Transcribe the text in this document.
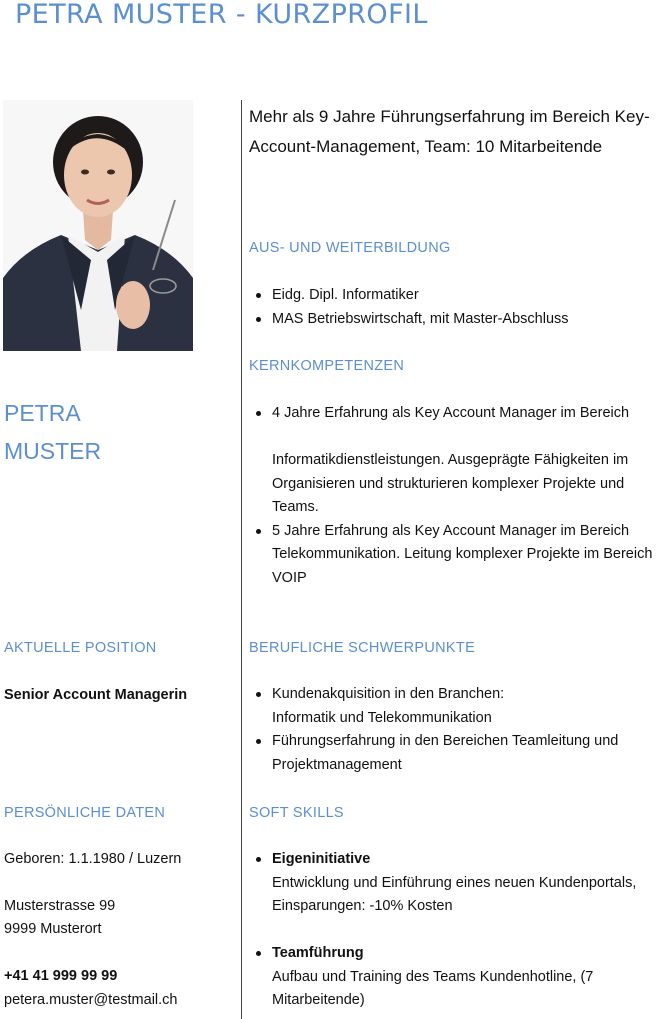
PETRA MUSTER - KURZPROFIL
PETRA
MUSTER
Mehr als 9 Jahre Führungserfahrung im Bereich Key-Account-Management, Team: 10 Mitarbeitende
AUS- UND WEITERBILDUNG
Eidg. Dipl. Informatiker
MAS Betriebswirtschaft, mit Master-Abschluss
KERNKOMPETENZEN
4 Jahre Erfahrung als Key Account Manager im Bereich
Informatikdienstleistungen. Ausgeprägte Fähigkeiten im Organisieren und strukturieren komplexer Projekte und Teams.
5 Jahre Erfahrung als Key Account Manager im Bereich Telekommunikation. Leitung komplexer Projekte im Bereich VOIP
AKTUELLE POSITION
Senior Account Managerin
BERUFLICHE SCHWERPUNKTE
Kundenakquisition in den Branchen:
Informatik und Telekommunikation
Führungserfahrung in den Bereichen Teamleitung und Projektmanagement
PERSÖNLICHE DATEN
Geboren: 1.1.1980 / Luzern
Musterstrasse 99
9999 Musterort
+41 41 999 99 99
petera.muster@testmail.ch
SOFT SKILLS
Eigeninitiative
Entwicklung und Einführung eines neuen Kundenportals, Einsparungen: -10% Kosten
Teamführung
Aufbau und Training des Teams Kundenhotline, (7 Mitarbeitende)
